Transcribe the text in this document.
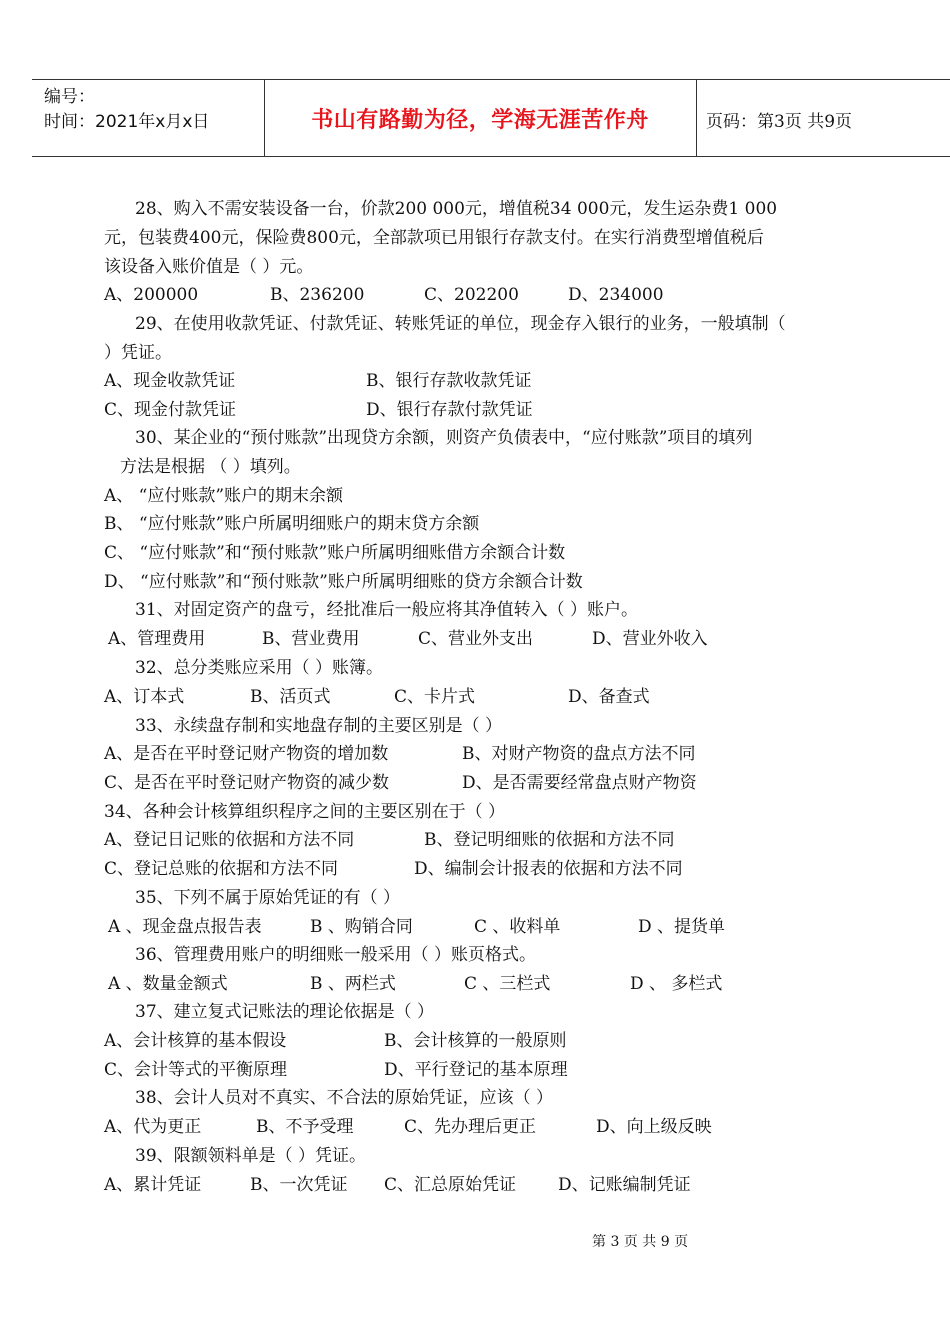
编号：
时间：2021年x月x日	书山有路勤为径，学海无涯苦作舟	页码：第3页 共9页
28、购入不需安装设备一台，价款200 000元，增值税34 000元，发生运杂费1 000
元，包装费400元，保险费800元，全部款项已用银行存款支付。在实行消费型增值税后
该设备入账价值是（ ）元。
A、200000	B、236200	C、202200	D、234000
29、在使用收款凭证、付款凭证、转账凭证的单位，现金存入银行的业务，一般填制（
）凭证。
A、现金收款凭证	B、银行存款收款凭证
C、现金付款凭证	D、银行存款付款凭证
30、某企业的“预付账款”出现贷方余额，则资产负债表中，“应付账款”项目的填列
方法是根据 （ ）填列。
A、 “应付账款”账户的期末余额
B、 “应付账款”账户所属明细账户的期末贷方余额
C、 “应付账款”和“预付账款”账户所属明细账借方余额合计数
D、 “应付账款”和“预付账款”账户所属明细账的贷方余额合计数
31、对固定资产的盘亏，经批准后一般应将其净值转入（ ）账户。
A、管理费用	B、营业费用	C、营业外支出	D、营业外收入
32、总分类账应采用（ ）账簿。
A、订本式	B、活页式	C、卡片式	D、备查式
33、永续盘存制和实地盘存制的主要区别是（ ）
A、是否在平时登记财产物资的增加数	B、对财产物资的盘点方法不同
C、是否在平时登记财产物资的减少数	D、是否需要经常盘点财产物资
34、各种会计核算组织程序之间的主要区别在于（ ）
A、登记日记账的依据和方法不同	B、登记明细账的依据和方法不同
C、登记总账的依据和方法不同	D、编制会计报表的依据和方法不同
35、下列不属于原始凭证的有（ ）
A 、现金盘点报告表	B 、购销合同	C 、收料单	D 、提货单
36、管理费用账户的明细账一般采用（ ）账页格式。
A 、数量金额式	B 、两栏式	C 、三栏式	D 、 多栏式
37、建立复式记账法的理论依据是（ ）
A、会计核算的基本假设	B、会计核算的一般原则
C、会计等式的平衡原理	D、平行登记的基本原理
38、会计人员对不真实、不合法的原始凭证，应该（ ）
A、代为更正	B、不予受理	C、先办理后更正	D、向上级反映
39、限额领料单是（ ）凭证。
A、累计凭证	B、一次凭证 C、汇总原始凭证 D、记账编制凭证
第 3 页 共 9 页
